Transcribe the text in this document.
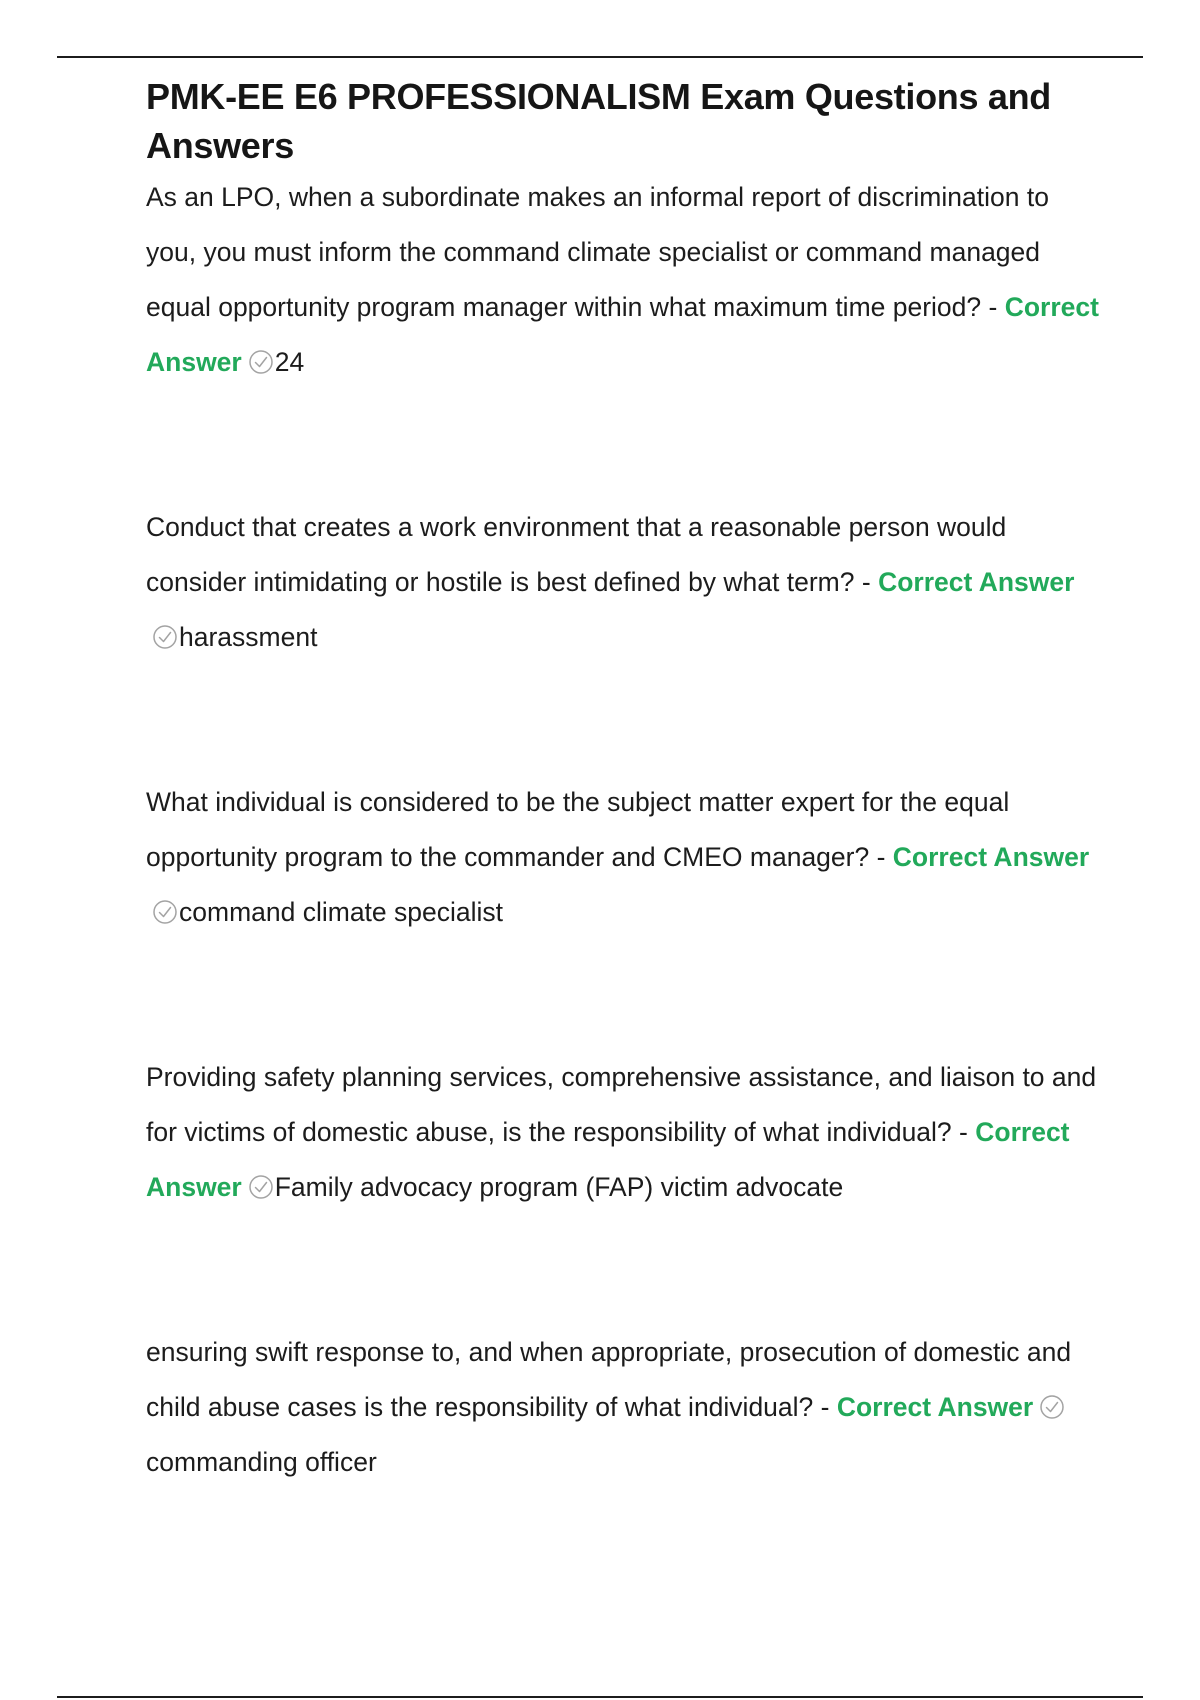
PMK-EE E6 PROFESSIONALISM Exam Questions and Answers

As an LPO, when a subordinate makes an informal report of discrimination to you, you must inform the command climate specialist or command managed equal opportunity program manager within what maximum time period? - Correct Answer 24

Conduct that creates a work environment that a reasonable person would consider intimidating or hostile is best defined by what term? - Correct Answer
harassment

What individual is considered to be the subject matter expert for the equal opportunity program to the commander and CMEO manager? - Correct Answer
command climate specialist

Providing safety planning services, comprehensive assistance, and liaison to and for victims of domestic abuse, is the responsibility of what individual? - Correct Answer Family advocacy program (FAP) victim advocate

ensuring swift response to, and when appropriate, prosecution of domestic and child abuse cases is the responsibility of what individual? - Correct Answer
commanding officer
